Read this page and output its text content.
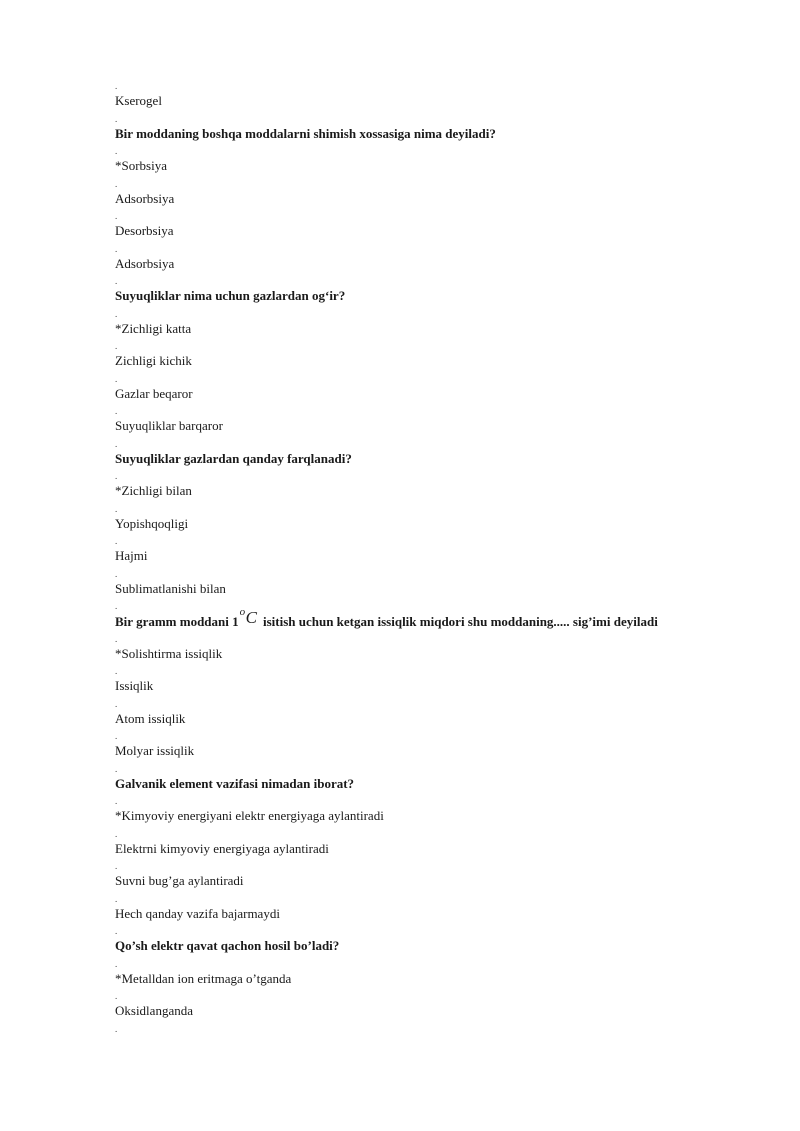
.
Kserogel
.
Bir moddaning boshqa moddalarni shimish xossasiga nima deyiladi?
.
*Sorbsiya
.
Adsorbsiya
.
Desorbsiya
.
Adsorbsiya
.
Suyuqliklar nima uchun gazlardan og‘ir?
.
*Zichligi katta
.
Zichligi kichik
.
Gazlar beqaror
.
Suyuqliklar barqaror
.
Suyuqliklar gazlardan qanday farqlanadi?
.
*Zichligi bilan
.
Yopishqoqligi
.
Hajmi
.
Sublimatlanishi bilan
.
Bir gramm moddani 1
o C isitish uchun ketgan issiqlik miqdori shu moddaning..... sig’imi deyiladi
.
*Solishtirma issiqlik
.
Issiqlik
.
Atom issiqlik
.
Molyar issiqlik
.
Galvanik element vazifasi nimadan iborat?
.
*Kimyoviy energiyani elektr energiyaga aylantiradi
.
Elektrni kimyoviy energiyaga aylantiradi
.
Suvni bug’ga aylantiradi
.
Hech qanday vazifa bajarmaydi
.
Qo’sh elektr qavat qachon hosil bo’ladi?
.
*Metalldan ion eritmaga o’tganda
.
Oksidlanganda
.
